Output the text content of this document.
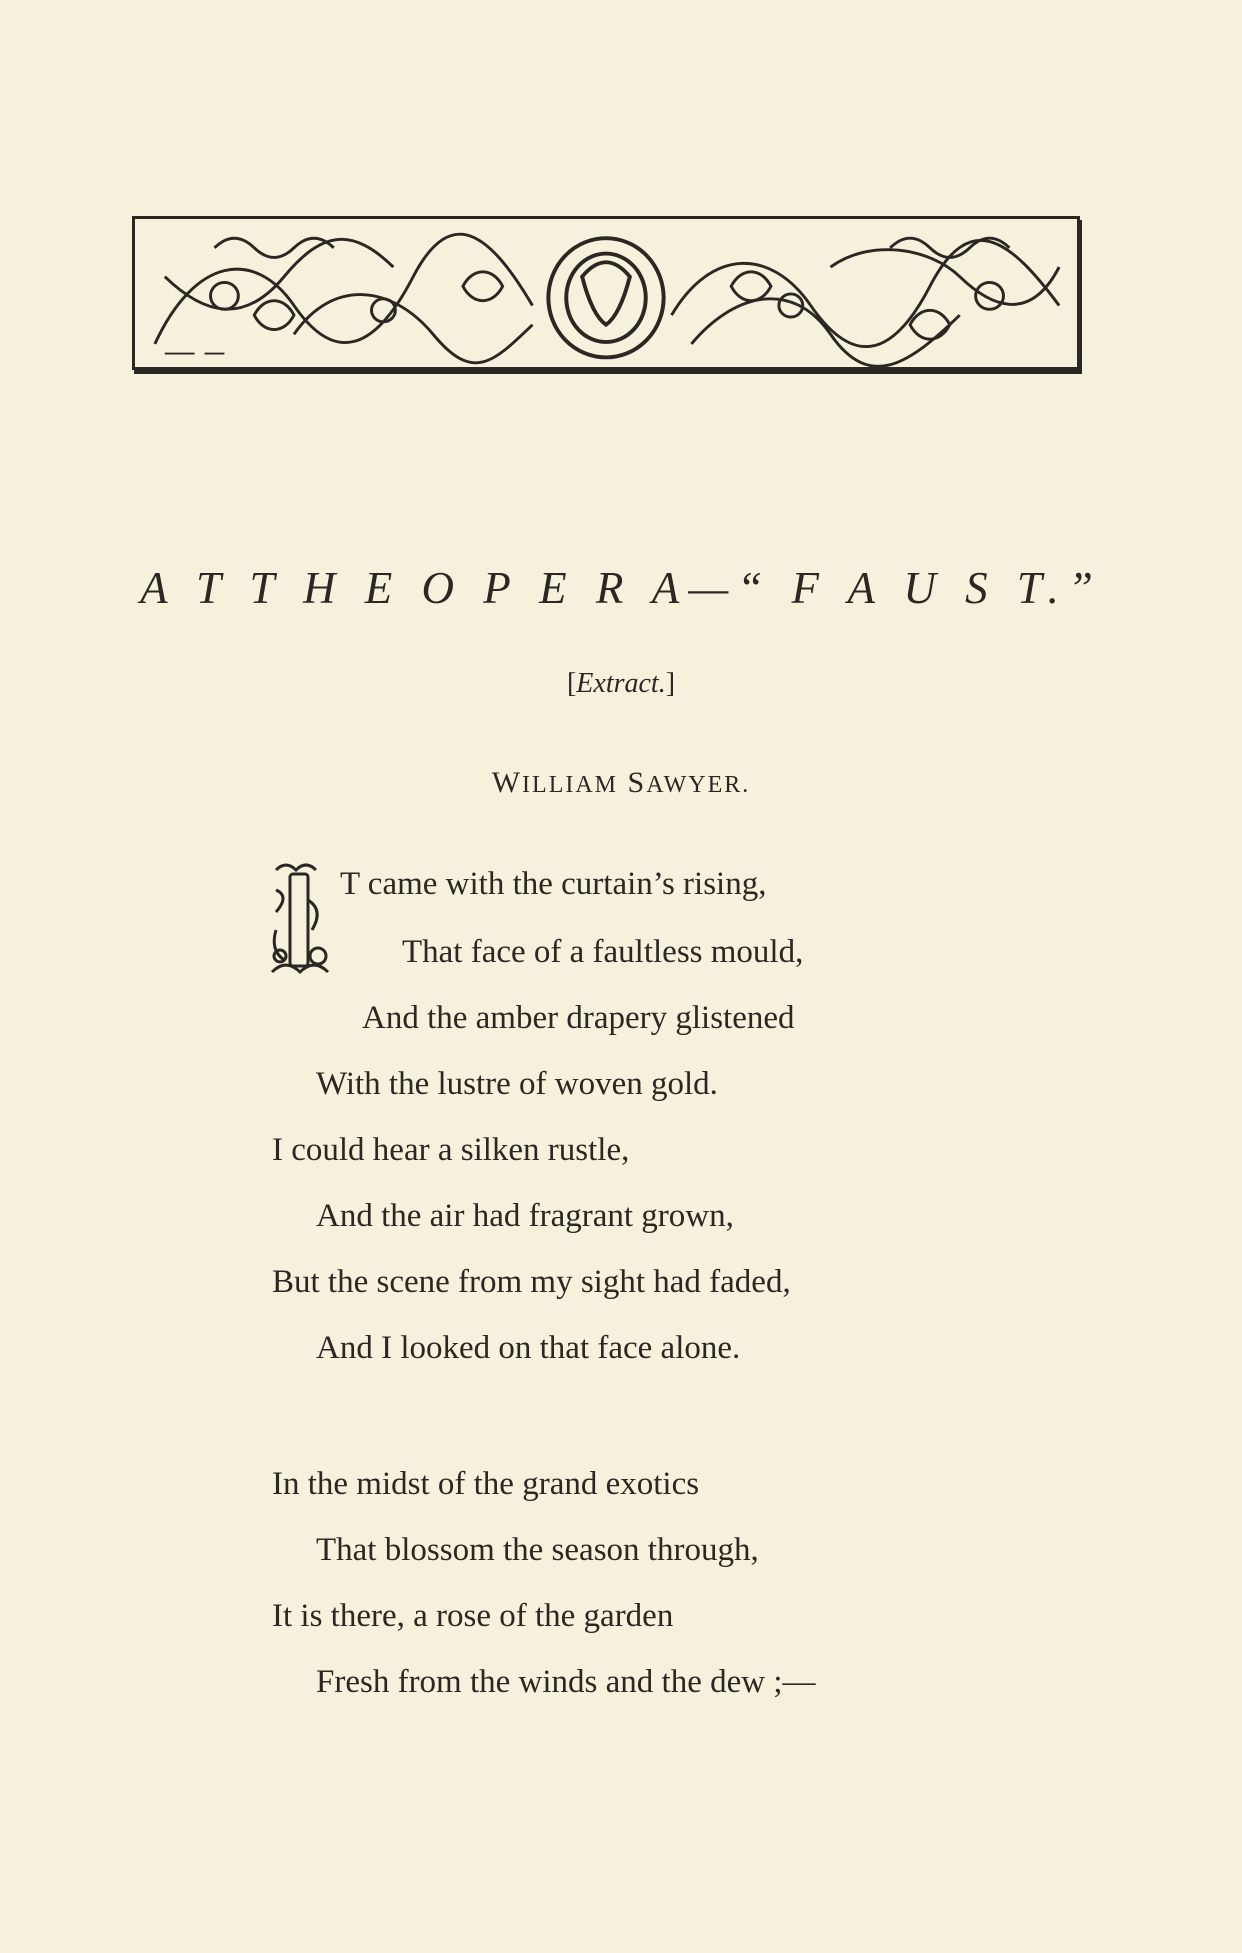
A T T H E O P E R A—“ F A U S T.”
[Extract.]
WILLIAM SAWYER.
T came with the curtain’s rising,
That face of a faultless mould,
And the amber drapery glistened
With the lustre of woven gold.
I could hear a silken rustle,
And the air had fragrant grown,
But the scene from my sight had faded,
And I looked on that face alone.
In the midst of the grand exotics
That blossom the season through,
It is there, a rose of the garden
Fresh from the winds and the dew ;—
